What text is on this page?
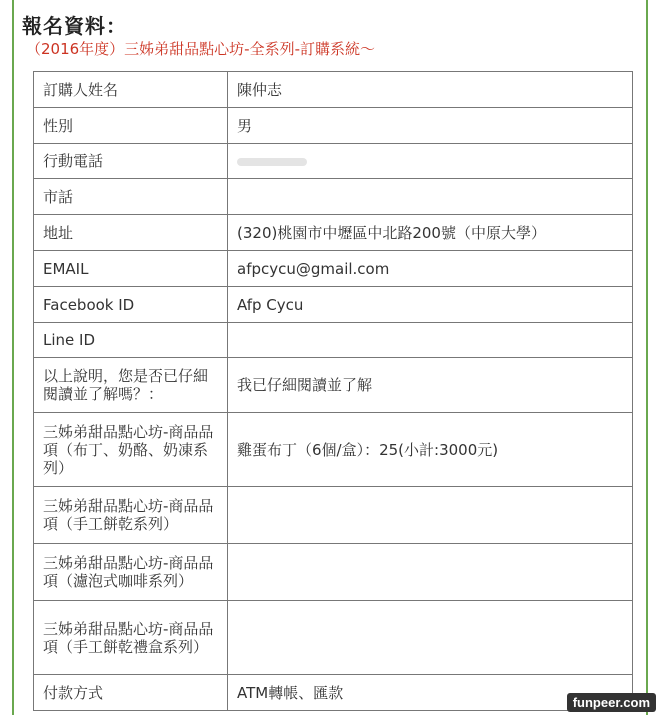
報名資料：
（2016年度）三姊弟甜品點心坊-全系列-訂購系統～
訂購人姓名	陳仲志
性別	男
行動電話	
市話	
地址	(320)桃園市中壢區中北路200號（中原大學）
EMAIL	afpcycu@gmail.com
Facebook ID	Afp Cycu
Line ID	
以上說明，您是否已仔細閱讀並了解嗎？：	我已仔細閱讀並了解
三姊弟甜品點心坊-商品品項（布丁、奶酪、奶凍系列）	雞蛋布丁（6個/盒）：25(小計:3000元)
三姊弟甜品點心坊-商品品項（手工餅乾系列）	
三姊弟甜品點心坊-商品品項（濾泡式咖啡系列）	
三姊弟甜品點心坊-商品品項（手工餅乾禮盒系列）	
付款方式	ATM轉帳、匯款
funpeer.com
